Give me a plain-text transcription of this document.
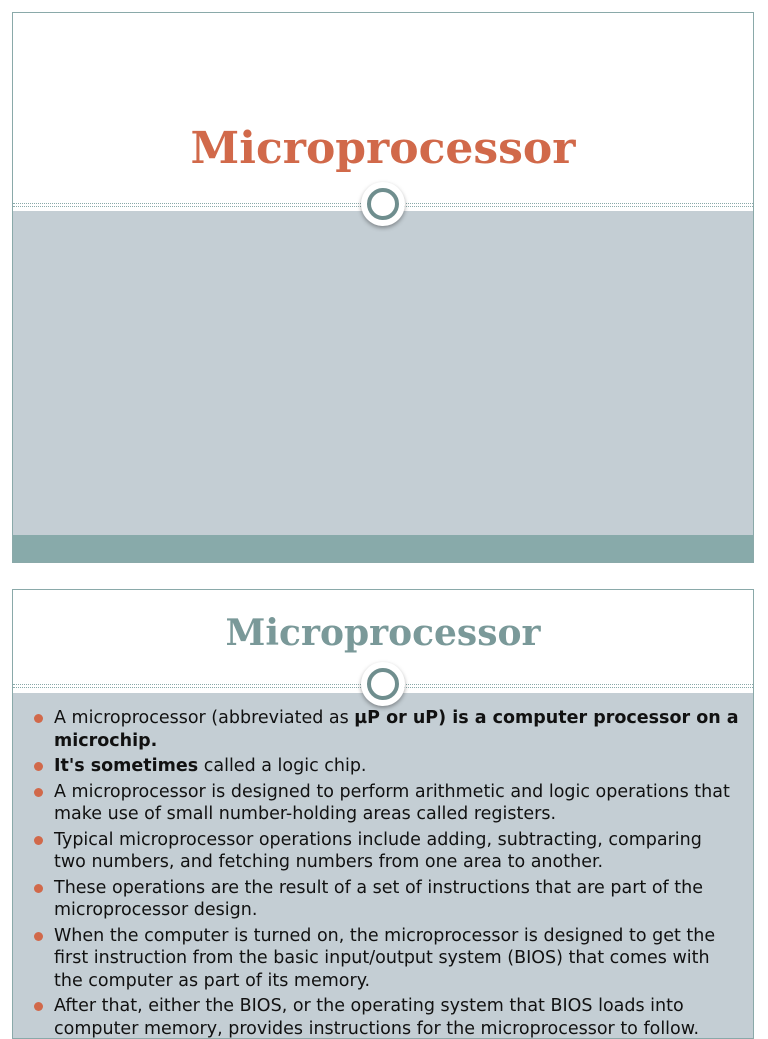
Microprocessor
Microprocessor
A microprocessor (abbreviated as µP or uP) is a computer processor on a microchip.
It's sometimes called a logic chip.
A microprocessor is designed to perform arithmetic and logic operations that make use of small number-holding areas called registers.
Typical microprocessor operations include adding, subtracting, comparing two numbers, and fetching numbers from one area to another.
These operations are the result of a set of instructions that are part of the microprocessor design.
When the computer is turned on, the microprocessor is designed to get the first instruction from the basic input/output system (BIOS) that comes with the computer as part of its memory.
After that, either the BIOS, or the operating system that BIOS loads into computer memory, provides instructions for the microprocessor to follow.
